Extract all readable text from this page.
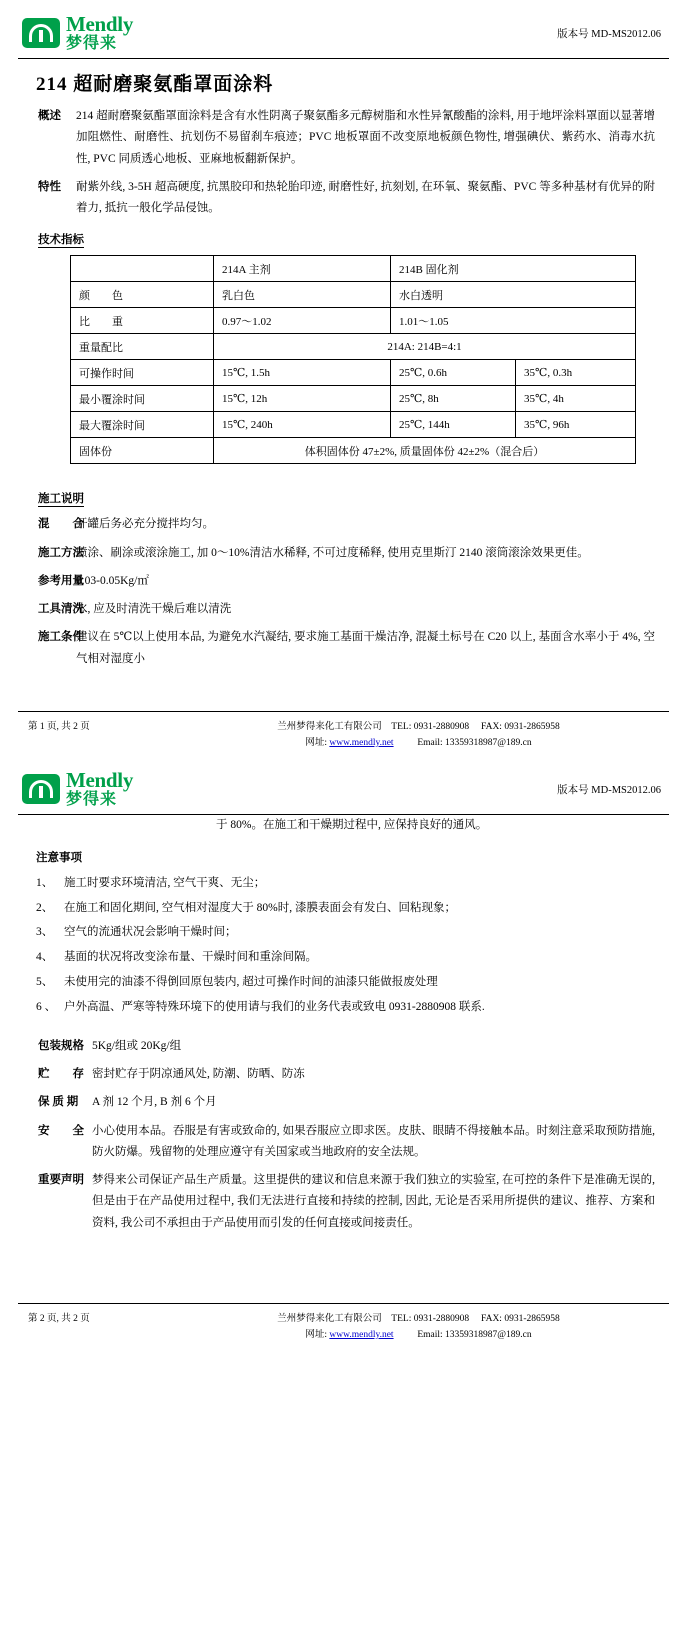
Mendly
梦得来
版本号 MD-MS2012.06
214 超耐磨聚氨酯罩面涂料
概述	214 超耐磨聚氨酯罩面涂料是含有水性阴离子聚氨酯多元醇树脂和水性异氰酸酯的涂料, 用于地坪涂料罩面以显著增加阻燃性、耐磨性、抗划伤不易留刹车痕迹；PVC 地板罩面不改变原地板颜色物性, 增强碘伏、紫药水、消毒水抗性, PVC 同质透心地板、亚麻地板翻新保护。
特性	耐紫外线, 3-5H 超高硬度, 抗黑胶印和热轮胎印迹, 耐磨性好, 抗刻划, 在环氧、聚氨酯、PVC 等多种基材有优异的附着力, 抵抗一般化学品侵蚀。
技术指标
	214A 主剂	214B 固化剂	
颜　　色	乳白色	水白透明	
比　　重	0.97～1.02	1.01～1.05	
重量配比	214A: 214B=4:1		
可操作时间	15℃, 1.5h	25℃, 0.6h	35℃, 0.3h
最小覆涂时间	15℃, 12h	25℃, 8h	35℃, 4h
最大覆涂时间	15℃, 240h	25℃, 144h	35℃, 96h
固体份	体积固体份 47±2%, 质量固体份 42±2%（混合后）		
施工说明
混　　合
开罐后务必充分搅拌均匀。
施工方法
喷涂、刷涂或滚涂施工, 加 0～10%清洁水稀释, 不可过度稀释, 使用克里斯汀 2140 滚筒滚涂效果更佳。
参考用量
0.03-0.05Kg/㎡
工具清洗
水, 应及时清洗干燥后难以清洗
施工条件
建议在 5℃以上使用本品, 为避免水汽凝结, 要求施工基面干燥洁净, 混凝土标号在 C20 以上, 基面含水率小于 4%, 空气相对湿度小
第 1 页, 共 2 页	兰州梦得来化工有限公司 TEL: 0931-2880908 FAX: 0931-2865958
网址: www.mendly.net	Email: 13359318987@189.cn
Mendly
梦得来
版本号 MD-MS2012.06
于 80%。在施工和干燥期过程中, 应保持良好的通风。
注意事项
1、 施工时要求环境清洁, 空气干爽、无尘；
2、 在施工和固化期间, 空气相对湿度大于 80%时, 漆膜表面会有发白、回粘现象；
3、 空气的流通状况会影响干燥时间；
4、 基面的状况将改变涂布量、干燥时间和重涂间隔。
5、 未使用完的油漆不得倒回原包装内, 超过可操作时间的油漆只能做报废处理
6 、 户外高温、严寒等特殊环境下的使用请与我们的业务代表或致电 0931-2880908 联系.
包装规格 5Kg/组或 20Kg/组
贮　　存 密封贮存于阴凉通风处, 防潮、防晒、防冻
保 质 期	A 剂 12 个月, B 剂 6 个月
安　　全 小心使用本品。吞服是有害或致命的, 如果吞服应立即求医。皮肤、眼睛不得接触本品。时刻注意采取预防措施, 防火防爆。残留物的处理应遵守有关国家或当地政府的安全法规。
重要声明 梦得来公司保证产品生产质量。这里提供的建议和信息来源于我们独立的实验室, 在可控的条件下是准确无误的, 但是由于在产品使用过程中, 我们无法进行直接和持续的控制, 因此, 无论是否采用所提供的建议、推荐、方案和资料, 我公司不承担由于产品使用而引发的任何直接或间接责任。
第 2 页, 共 2 页	兰州梦得来化工有限公司 TEL: 0931-2880908 FAX: 0931-2865958
网址: www.mendly.net	Email: 13359318987@189.cn
